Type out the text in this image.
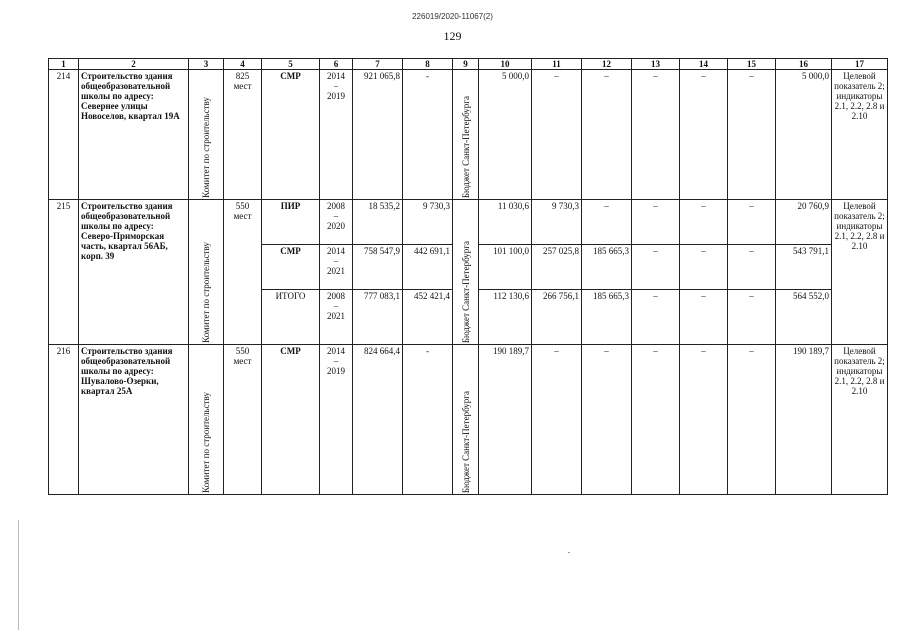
226019/2020-11067(2)
129
1	2	3	4	5	6	7	8	9	10	11	12	13	14	15	16	17
214	Строительство здания общеобразовательной школы по адресу: Севернее улицы Новоселов, квартал 19А	Комитет по строительству	825 мест	СМР	2014
–
2019	921 065,8	-	Бюджет Санкт-Петербурга	5 000,0	–	–	–	–	–	5 000,0	Целевой показатель 2; индикаторы 2.1, 2.2, 2.8 и 2.10
215	Строительство здания общеобразовательной школы по адресу: Северо-Приморская часть, квартал 56АБ, корп. 39	Комитет по строительству	550 мест	ПИР	2008
–
2020	18 535,2	9 730,3	Бюджет Санкт-Петербурга	11 030,6	9 730,3	–	–	–	–	20 760,9	Целевой показатель 2; индикаторы 2.1, 2.2, 2.8 и 2.10
				СМР	2014
–
2021	758 547,9	442 691,1		101 100,0	257 025,8	185 665,3	–	–	–	543 791,1	
				ИТОГО	2008
–
2021	777 083,1	452 421,4		112 130,6	266 756,1	185 665,3	–	–	–	564 552,0	
216	Строительство здания общеобразовательной школы по адресу: Шувалово-Озерки, квартал 25А	Комитет по строительству	550 мест	СМР	2014
–
2019	824 664,4	-	Бюджет Санкт-Петербурга	190 189,7	–	–	–	–	–	190 189,7	Целевой показатель 2; индикаторы 2.1, 2.2, 2.8 и 2.10
